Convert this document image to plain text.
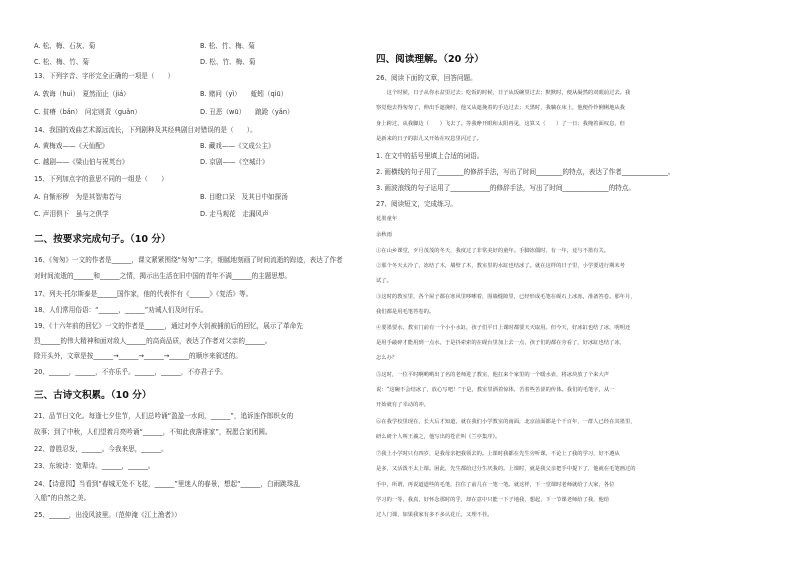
A. 松、梅、石灰、菊	B. 松、竹、梅、菊
C. 松、梅、竹、菊	D. 松、竹、梅、菊
13、下列字音、字形完全正确的一项是（　　）
A. 敦诲（huì）　夏然而止（jiá）	B. 赌问（yì）　　蚯蚓（qiū）
C. 贫瘠（bǎn）　问定则责（guǎn）	D. 丑恶（wū）　　踉跄（yǎn）
14、我国的戏曲艺术源远流长，下列剧种及其经典剧目对错误的是（　　）。
A. 黄梅戏——《天仙配》	B. 藏戏——《文成公主》
C. 越剧——《梁山伯与祝英台》	D. 京剧——《空城计》
15、下列加点字的意思不同的一组是（　　）
A. 自惭形秽　为是其智弗若与	B. 目瞪口呆　及其日中如探汤
C. 声泪俱下　虽与之俱学	D. 走马观花　走漏风声
二、按要求完成句子。（10 分）
16、《匆匆》一文的作者是______，课文紧紧围绕“匆匆”二字，细腻地刻画了时间流逝的踪迹，表达了作者
对时间流逝的______和______之情，揭示出生活在旧中国的青年不满______的主题思想。
17、列夫·托尔斯泰是______国作家，他的代表作有《______》《复活》等。
18、人们常用俗语：“______，______”劝诫人们及时行乐。
19、《十六年前的回忆》一文的作者是______，通过对李大钊被捕前后的回忆，展示了革命先
烈______的伟大精神和面对敌人______的高尚品质，表达了作者对父亲的______。
除开头外，文章是按______→______→______→______的顺序来叙述的。
20、______，______，不亦乐乎。______，______，不亦君子乎。
三、古诗文积累。（10 分）
21、品节日文化。每逢七夕佳节，人们总吟诵“盈盈一水间，______”，追诉连作郎织女的
故事；到了中秋，人们望着月亮吟诵“______，不知此夜落谁家”，祝愿合家团圆。
22、曾胜忍发，______。今我来思，______。
23、东坡诗：宽辈诗。______，______。
24、【诗意园】当看到“春城无处不飞花，______”里迷人的春景，想起“______，白雨跳珠乱
入船”的自然之美。
25、______，出没风波里。（范仲淹《江上渔者》）
四、阅读理解。（20 分）
26、阅读下面的文章，回答问题。
　　这个时候，日子从你水盆里过去；吃饭的时候，日子从饭碗里过去；默默时，便从凝然的双眼前过去。我
察觉他去得匆匆了，伸出手遮挽时，他又从遮挽着的手边过去；天黑时，我躺在床上，他便伶伶俐俐地从我
身上跨过，从我脚边（　　）飞去了。等我睁开眼和太阳再见，这算又（　　）了一日；我掩着面叹息，但
是新来的日子的影儿又开始在叹息里闪过了。
1. 在文中的括号里填上合适的词语。
2. 画横线的句子用了________的修辞手法，写出了时间________的特点，表达了作者______________。
3. 画波浪线的句子运用了____________的修辞手法，写出了时间______________的特点。
27、阅读短文，完成练习。
花墨童年
余秋雨
①在山乡课堂，歹月茂茂的冬天，我度过了非常美好的童年。手脚冻僵时，有一年，竟与不墨有关。
②那个冬天太冷了，冻结了木，墙壁了木，教室里的水缸也结冰了。就在这样的日子里，小学要进行期末考
试了。
③这时的教室里，各个屋子都在寒风里哆嗦着，围墙缝隙里，已经形成毛笔在砚石上冰冻，准备答卷。那年月，
我们都是用毛笔答卷的。
④要墨要水，教室门前有一个小小水缸，孩子们平日上课时都要天天取用。但今天，好冰缸也结了冰，明明还
是用手敲碎才能用到一点水，于是抖索索的在砚台里加上去一点，孩子们的都在旁看了，好冰缸也结了冰，
怎么办？
⑤这时，一位平时啊哟哟出了名的老师进了教室，他扛来个家里的一个暖水壶，将冰块放了个来大声
说：“这碗不会结冰了，放心写吧！”于是，教室里洒着惊体，苦着些苦涩的传体。我们的毛笔字，从一
开始就有了幸动的冲。
⑥在我学校里现在，长大后才知道，就在我们小学教室的南面，北京前面都是个千百年，一群人已经在其墨里，
研么研个人叫王羲之，他写出的苍茫叫《兰亭集序》。
⑦我上小学时只有四岁，是我母亲把我领去的。上课时我都在先生旁听课，不论上了我的学习，好不遵从
是多，又活泼不太上课。困此，先生都给过分生厌我的。上课时，就是我父亲把手中提下了，他就在毛笔画过的
手中，所谓，再说道道些的毛笔，拉住了前几在一笔一笔。就这样，下一堂课时老师就给了大家，各位
学习的一等，我真，好怀念那时的乎，却在意中只能一下子地我，想起，下一节课老师给了我，他给
过人门课，如果我家有多不多认花丘，又理不茬。
